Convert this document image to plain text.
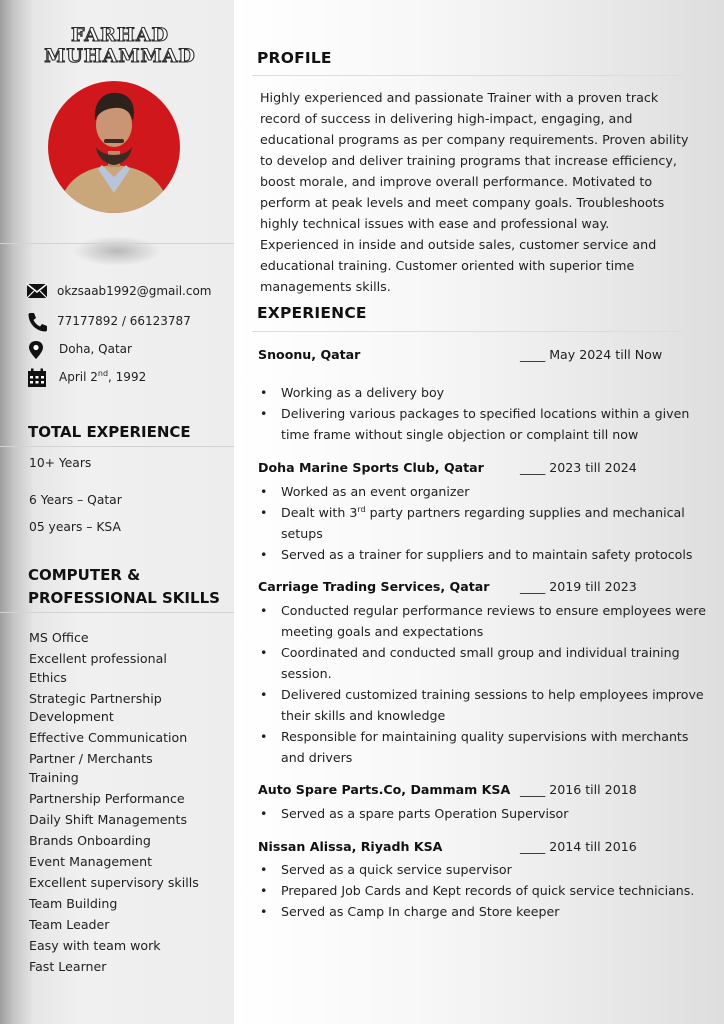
FARHAD
MUHAMMAD
okzsaab1992@gmail.com
77177892 / 66123787
Doha, Qatar
April 2nd, 1992
TOTAL EXPERIENCE
10+ Years
6 Years – Qatar
05 years – KSA
COMPUTER &
PROFESSIONAL SKILLS
MS Office
Excellent professional Ethics
Strategic Partnership Development
Effective Communication
Partner / Merchants Training
Partnership Performance
Daily Shift Managements
Brands Onboarding
Event Management
Excellent supervisory skills
Team Building
Team Leader
Easy with team work
Fast Learner
PROFILE
Highly experienced and passionate Trainer with a proven track record of success in delivering high-impact, engaging, and educational programs as per company requirements. Proven ability to develop and deliver training programs that increase efficiency, boost morale, and improve overall performance. Motivated to perform at peak levels and meet company goals. Troubleshoots highly technical issues with ease and professional way. Experienced in inside and outside sales, customer service and educational training. Customer oriented with superior time managements skills.
EXPERIENCE
Snoonu, Qatar	____ May 2024 till Now
• Working as a delivery boy
• Delivering various packages to specified locations within a given time frame without single objection or complaint till now
Doha Marine Sports Club, Qatar	____ 2023 till 2024
• Worked as an event organizer
• Dealt with 3rd party partners regarding supplies and mechanical setups
• Served as a trainer for suppliers and to maintain safety protocols
Carriage Trading Services, Qatar ____ 2019 till 2023
• Conducted regular performance reviews to ensure employees were meeting goals and expectations
• Coordinated and conducted small group and individual training session.
• Delivered customized training sessions to help employees improve their skills and knowledge
• Responsible for maintaining quality supervisions with merchants and drivers
Auto Spare Parts.Co, Dammam KSA ____ 2016 till 2018
• Served as a spare parts Operation Supervisor
Nissan Alissa, Riyadh KSA	____ 2014 till 2016
• Served as a quick service supervisor
• Prepared Job Cards and Kept records of quick service technicians.
• Served as Camp In charge and Store keeper
